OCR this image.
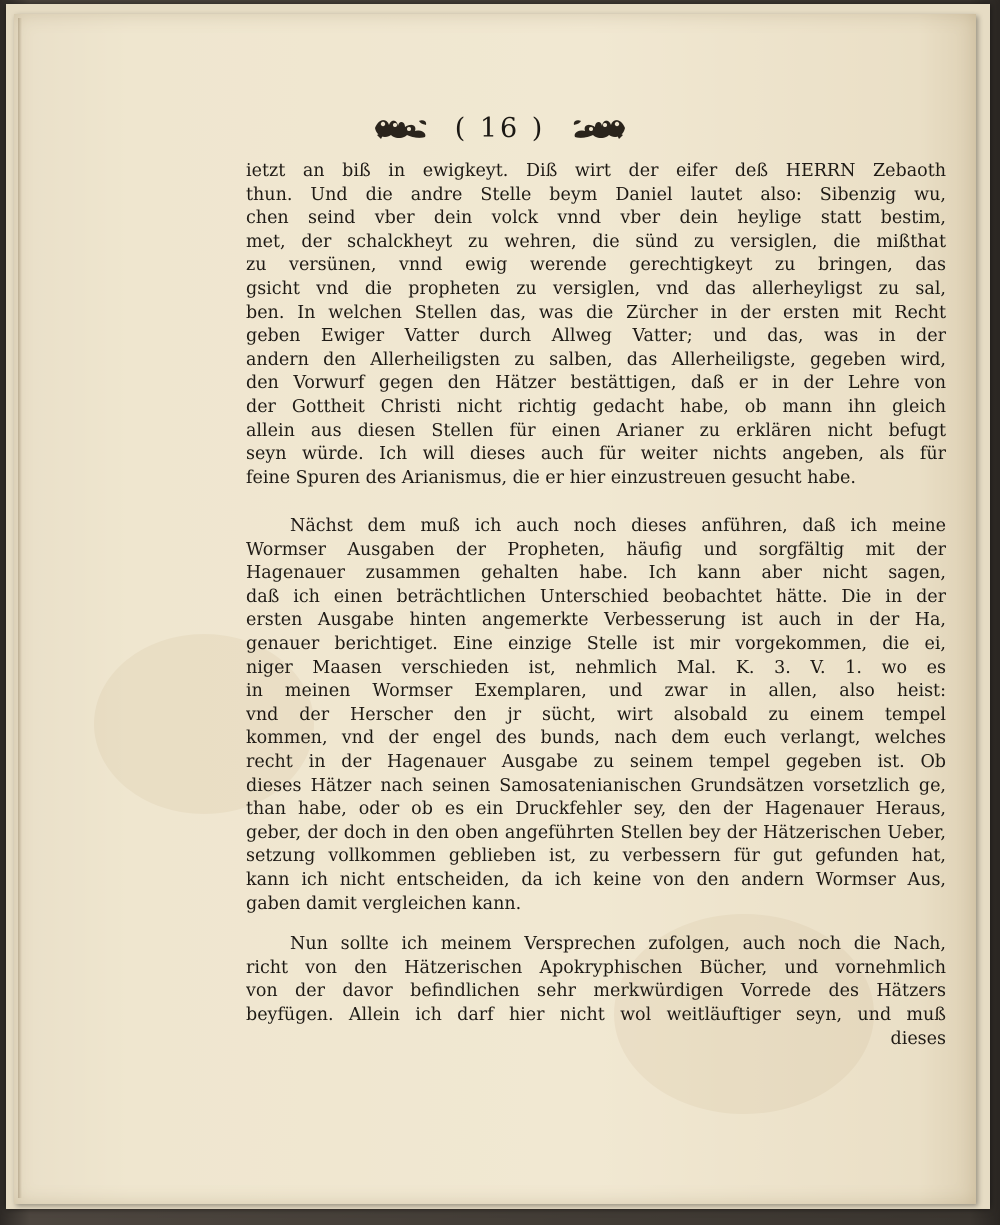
( 16 )
ietzt an biß in ewigkeyt. Diß wirt der eifer deß HERRN Zebaoth
thun. Und die andre Stelle beym Daniel lautet also: Sibenzig wu,
chen seind vber dein volck vnnd vber dein heylige statt bestim,
met, der schalckheyt zu wehren, die sünd zu versiglen, die mißthat
zu versünen, vnnd ewig werende gerechtigkeyt zu bringen, das
gsicht vnd die propheten zu versiglen, vnd das allerheyligst zu sal,
ben. In welchen Stellen das, was die Zürcher in der ersten mit Recht
geben Ewiger Vatter durch Allweg Vatter; und das, was in der
andern den Allerheiligsten zu salben, das Allerheiligste, gegeben wird,
den Vorwurf gegen den Hätzer bestättigen, daß er in der Lehre von
der Gottheit Christi nicht richtig gedacht habe, ob mann ihn gleich
allein aus diesen Stellen für einen Arianer zu erklären nicht befugt
seyn würde. Ich will dieses auch für weiter nichts angeben, als für
feine Spuren des Arianismus, die er hier einzustreuen gesucht habe.
Nächst dem muß ich auch noch dieses anführen, daß ich meine
Wormser Ausgaben der Propheten, häufig und sorgfältig mit der
Hagenauer zusammen gehalten habe. Ich kann aber nicht sagen,
daß ich einen beträchtlichen Unterschied beobachtet hätte. Die in der
ersten Ausgabe hinten angemerkte Verbesserung ist auch in der Ha,
genauer berichtiget. Eine einzige Stelle ist mir vorgekommen, die ei,
niger Maasen verschieden ist, nehmlich Mal. K. 3. V. 1. wo es
in meinen Wormser Exemplaren, und zwar in allen, also heist:
vnd der Herscher den jr sücht, wirt alsobald zu einem tempel
kommen, vnd der engel des bunds, nach dem euch verlangt, welches
recht in der Hagenauer Ausgabe zu seinem tempel gegeben ist. Ob
dieses Hätzer nach seinen Samosatenianischen Grundsätzen vorsetzlich ge,
than habe, oder ob es ein Druckfehler sey, den der Hagenauer Heraus,
geber, der doch in den oben angeführten Stellen bey der Hätzerischen Ueber,
setzung vollkommen geblieben ist, zu verbessern für gut gefunden hat,
kann ich nicht entscheiden, da ich keine von den andern Wormser Aus,
gaben damit vergleichen kann.
Nun sollte ich meinem Versprechen zufolgen, auch noch die Nach,
richt von den Hätzerischen Apokryphischen Bücher, und vornehmlich
von der davor befindlichen sehr merkwürdigen Vorrede des Hätzers
beyfügen. Allein ich darf hier nicht wol weitläuftiger seyn, und muß
dieses
